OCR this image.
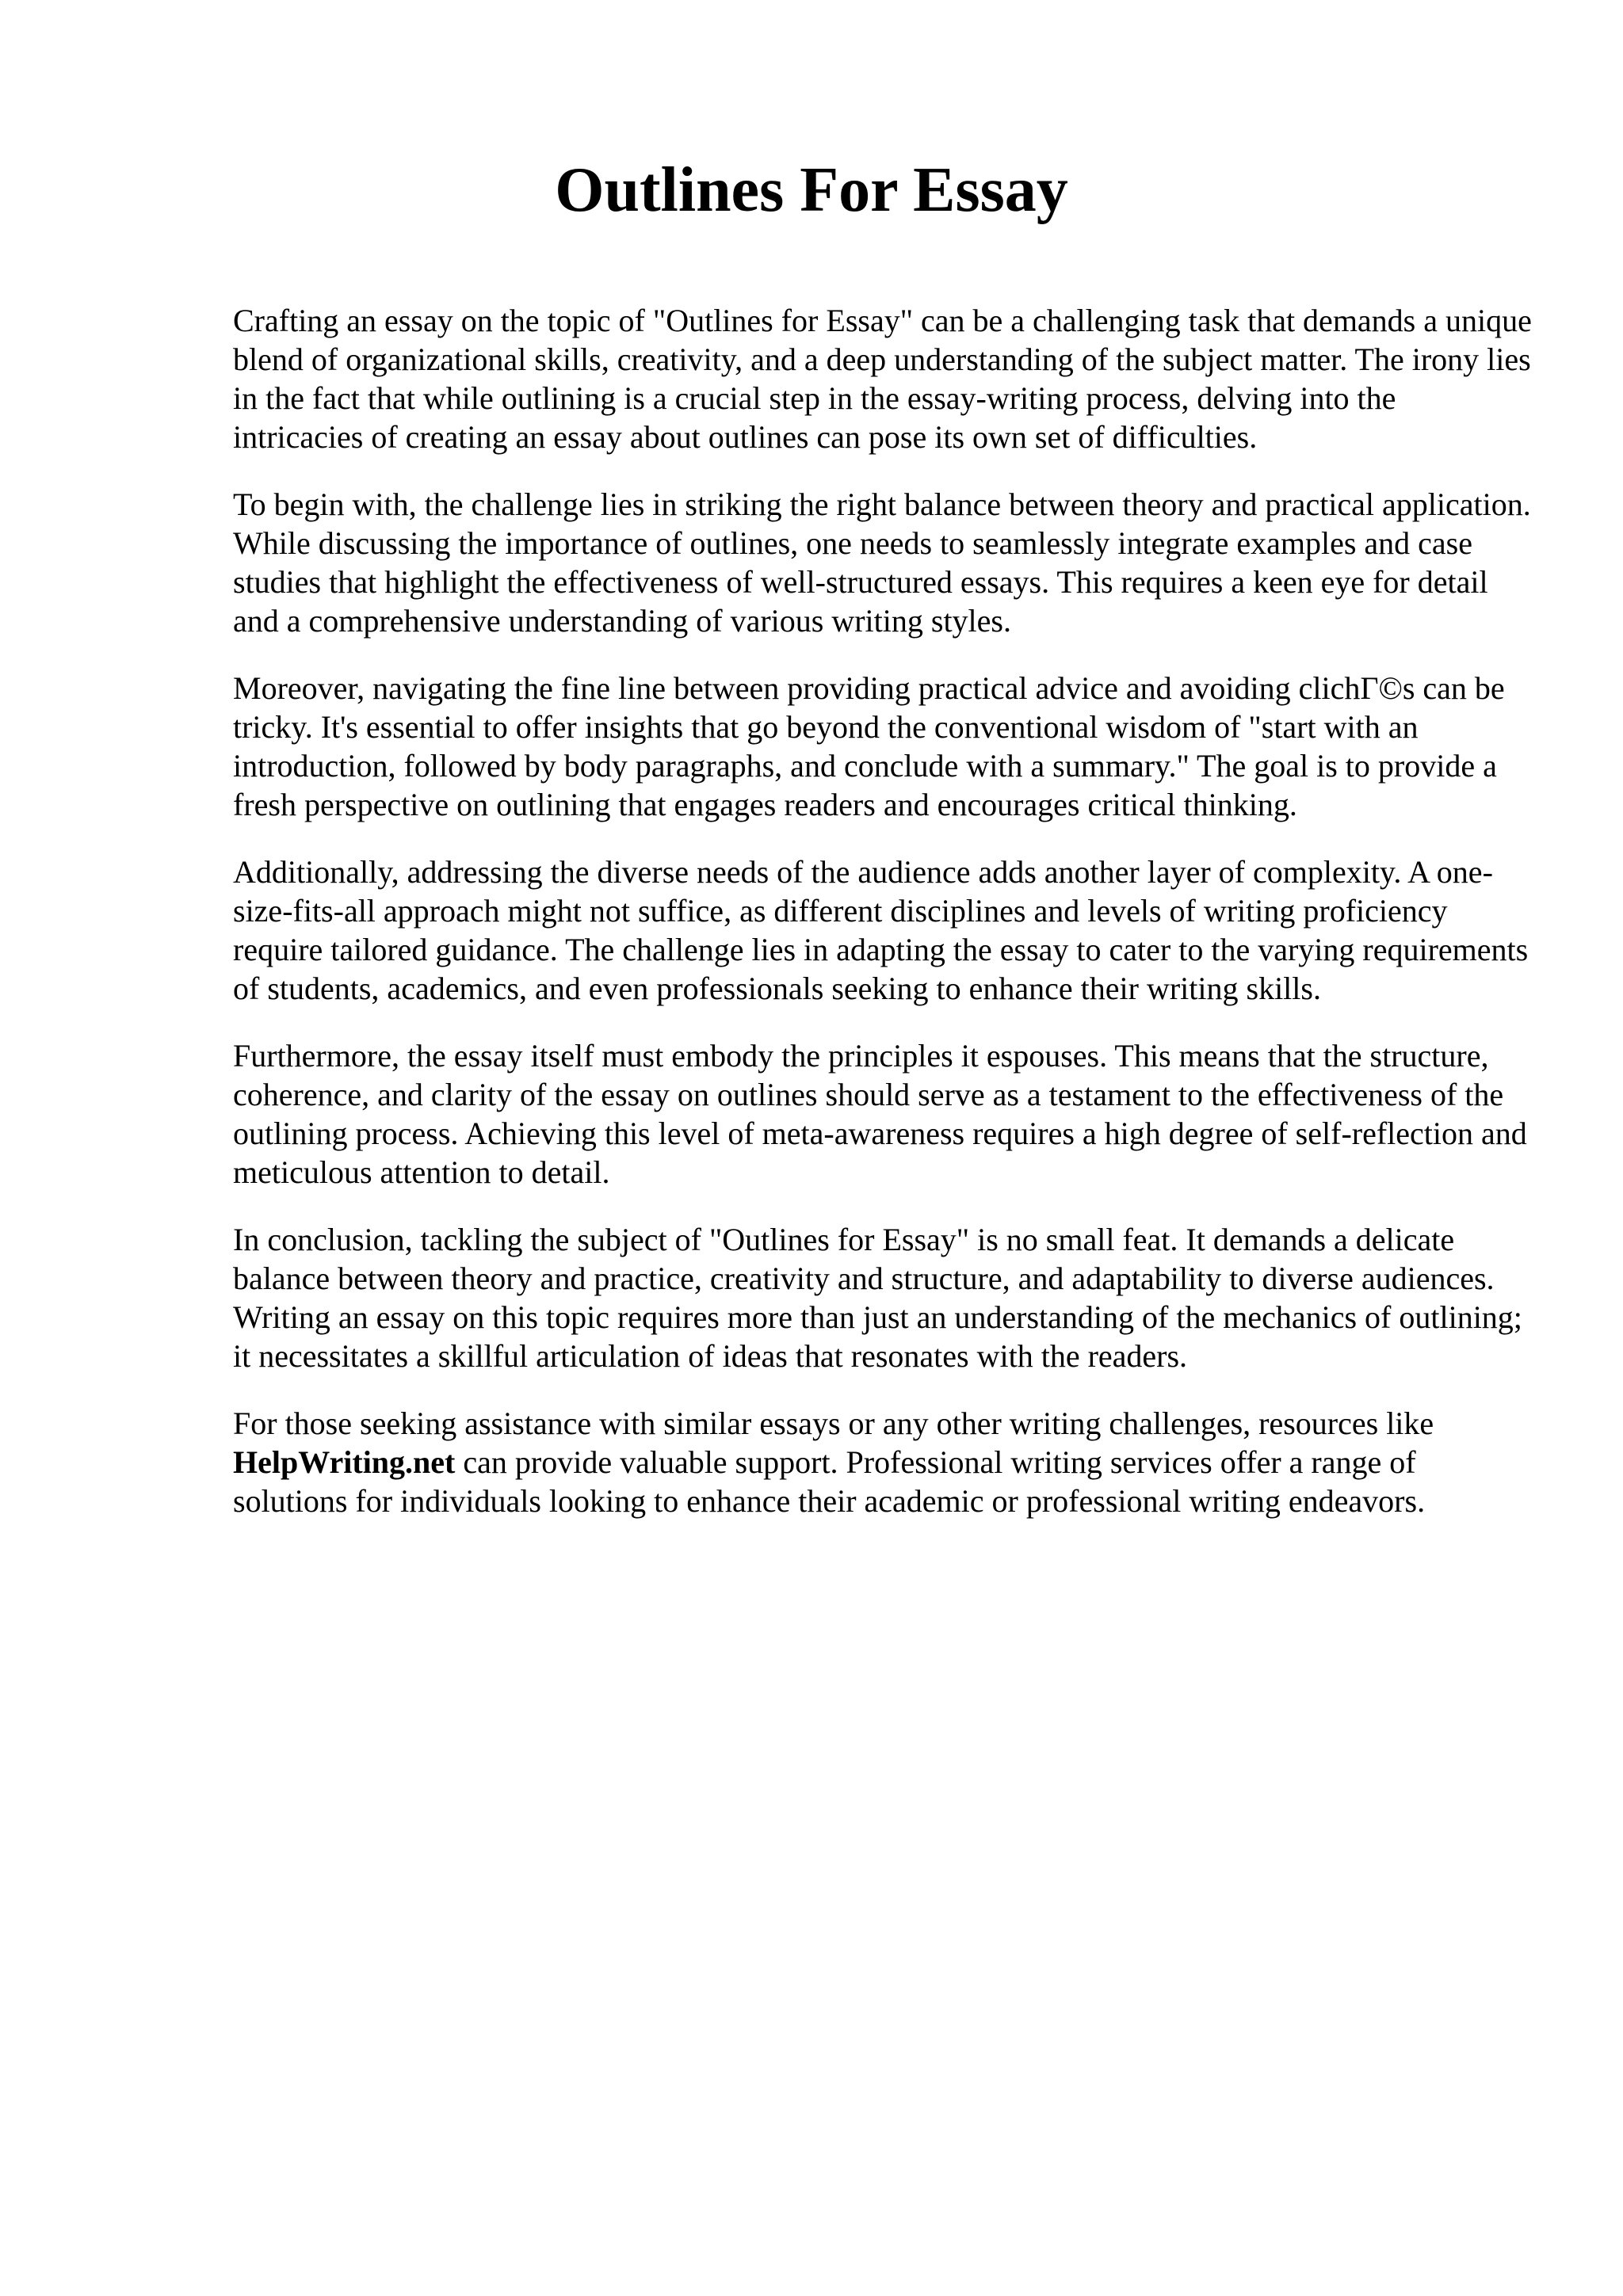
Outlines For Essay

Crafting an essay on the topic of "Outlines for Essay" can be a challenging task that demands a unique blend of organizational skills, creativity, and a deep understanding of the subject matter. The irony lies in the fact that while outlining is a crucial step in the essay-writing process, delving into the intricacies of creating an essay about outlines can pose its own set of difficulties.

To begin with, the challenge lies in striking the right balance between theory and practical application. While discussing the importance of outlines, one needs to seamlessly integrate examples and case studies that highlight the effectiveness of well-structured essays. This requires a keen eye for detail and a comprehensive understanding of various writing styles.

Moreover, navigating the fine line between providing practical advice and avoiding clichГ©s can be tricky. It's essential to offer insights that go beyond the conventional wisdom of "start with an introduction, followed by body paragraphs, and conclude with a summary." The goal is to provide a fresh perspective on outlining that engages readers and encourages critical thinking.

Additionally, addressing the diverse needs of the audience adds another layer of complexity. A one-size-fits-all approach might not suffice, as different disciplines and levels of writing proficiency require tailored guidance. The challenge lies in adapting the essay to cater to the varying requirements of students, academics, and even professionals seeking to enhance their writing skills.

Furthermore, the essay itself must embody the principles it espouses. This means that the structure, coherence, and clarity of the essay on outlines should serve as a testament to the effectiveness of the outlining process. Achieving this level of meta-awareness requires a high degree of self-reflection and meticulous attention to detail.

In conclusion, tackling the subject of "Outlines for Essay" is no small feat. It demands a delicate balance between theory and practice, creativity and structure, and adaptability to diverse audiences. Writing an essay on this topic requires more than just an understanding of the mechanics of outlining; it necessitates a skillful articulation of ideas that resonates with the readers.

For those seeking assistance with similar essays or any other writing challenges, resources like HelpWriting.net can provide valuable support. Professional writing services offer a range of solutions for individuals looking to enhance their academic or professional writing endeavors.
